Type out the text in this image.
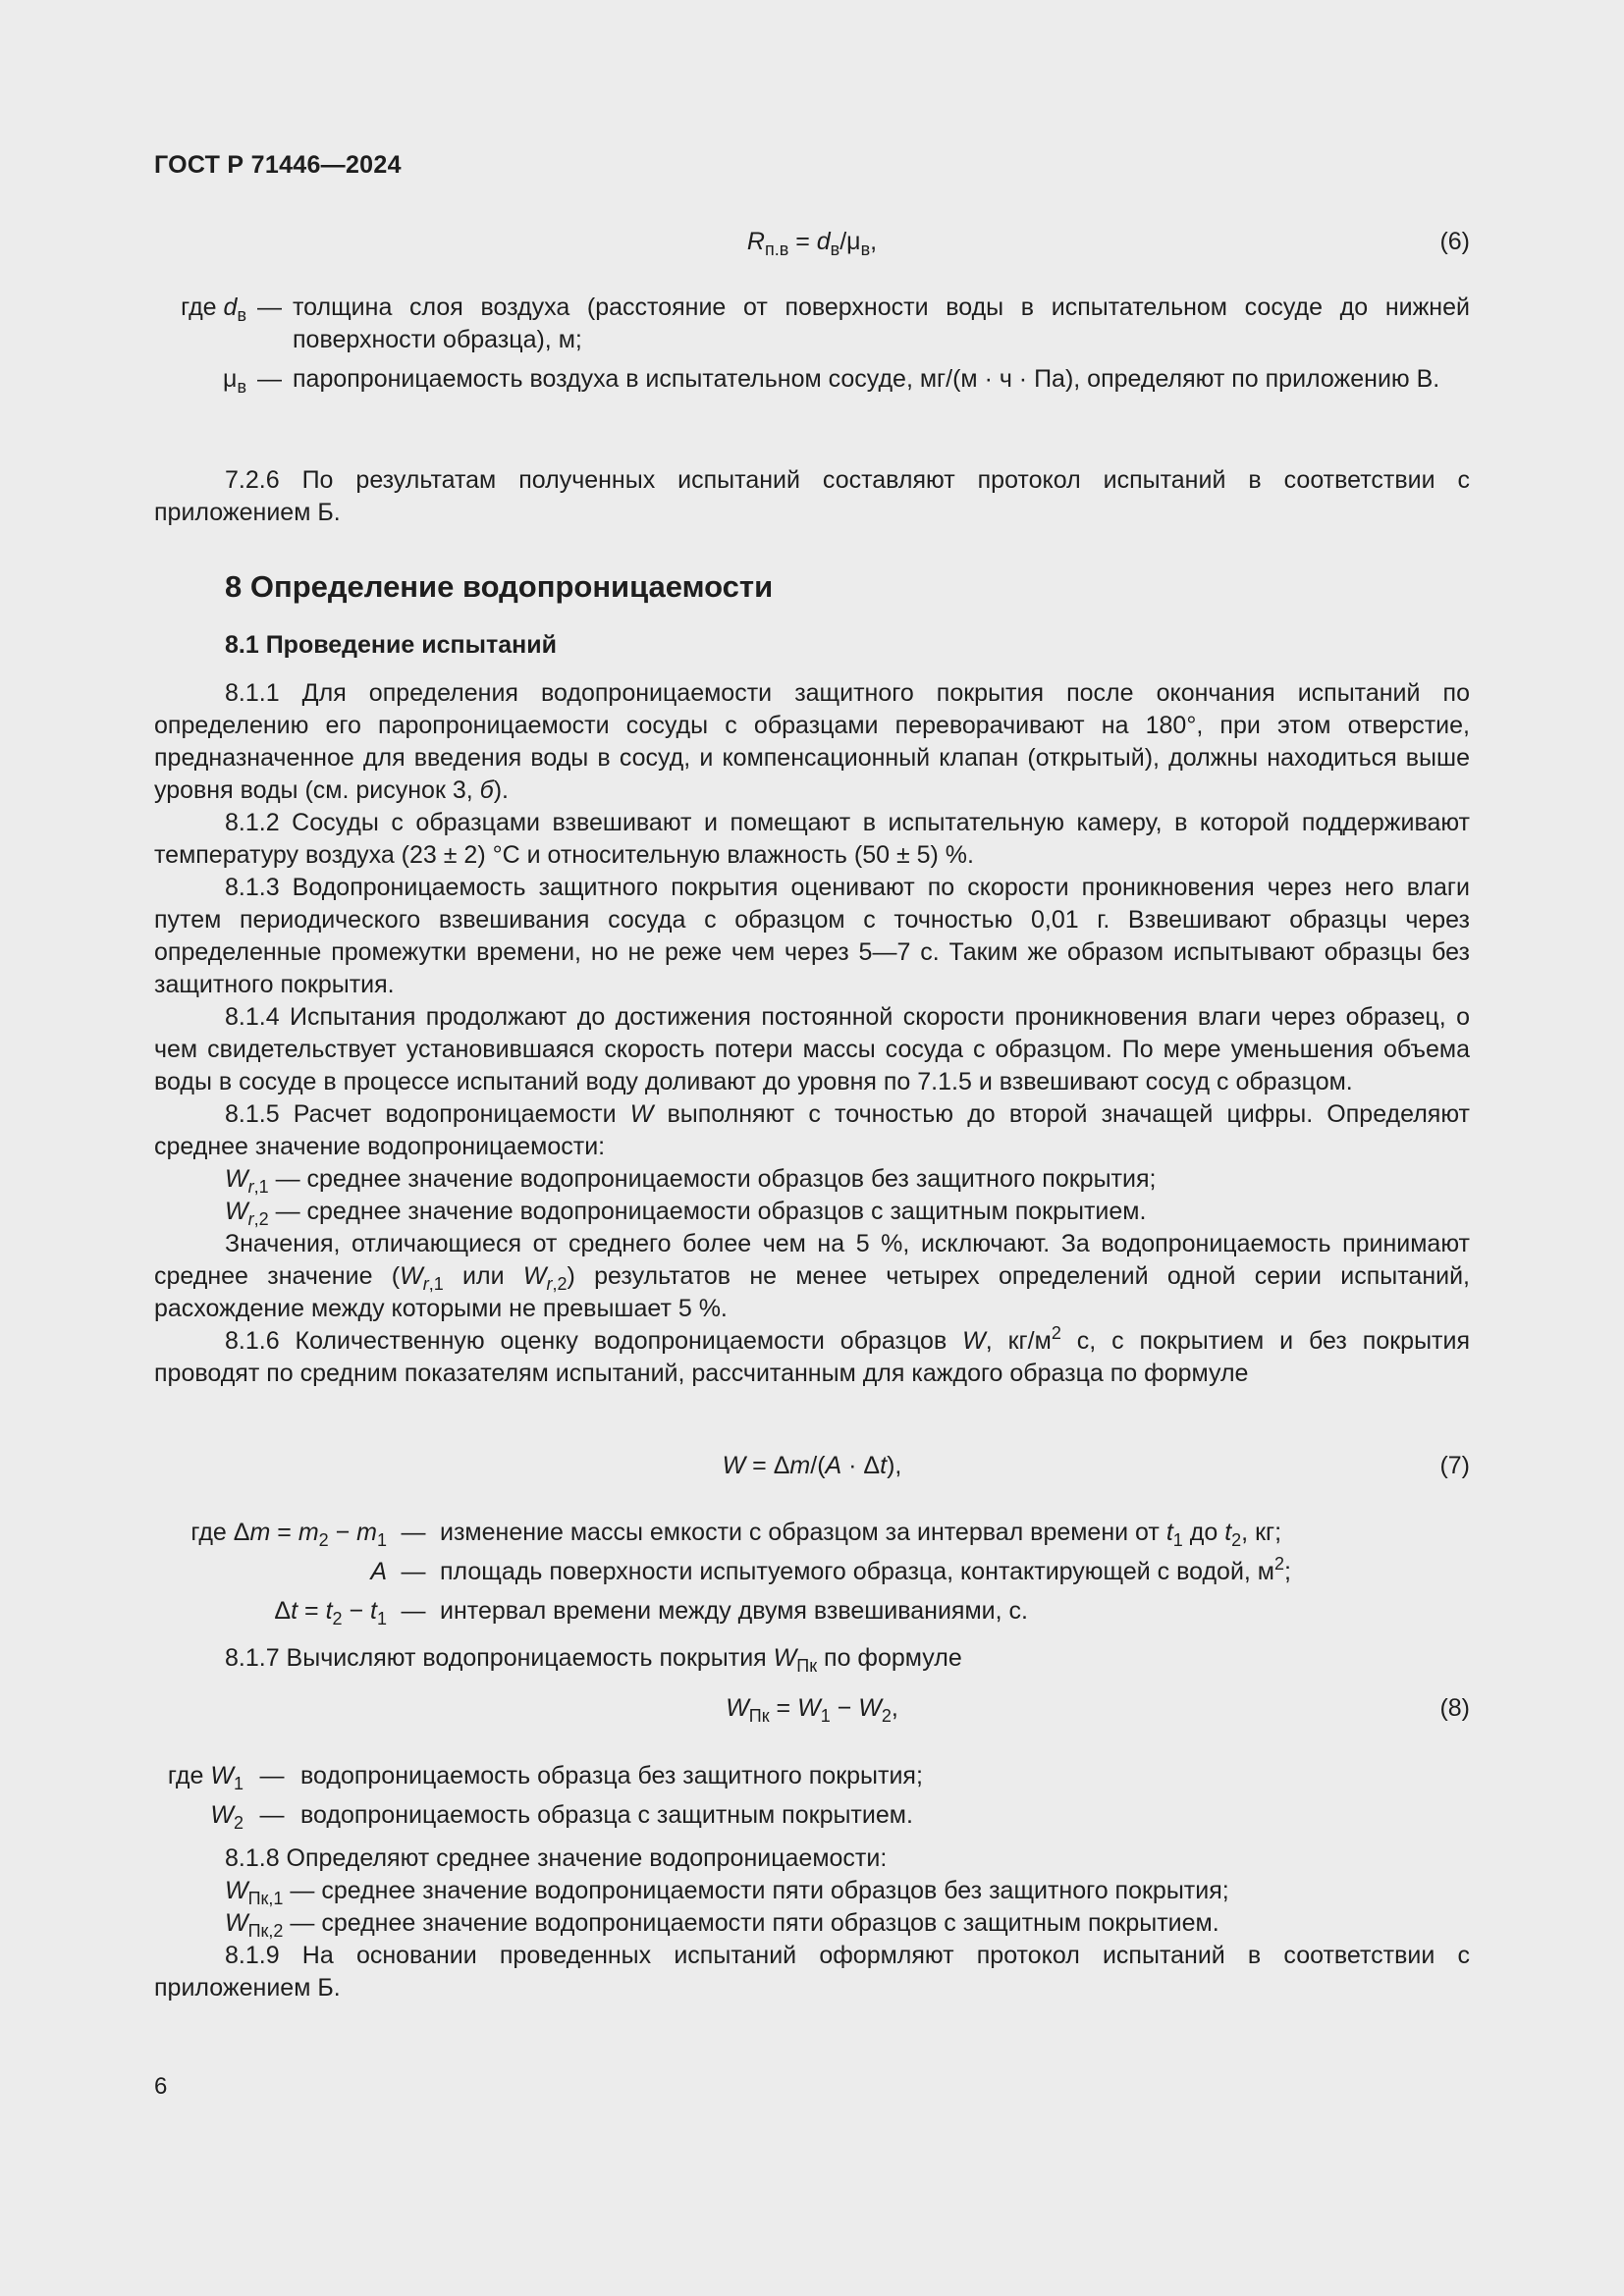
ГОСТ Р 71446—2024
$R_{п.в} = d_в/\mu_в$,	(6)
где $d_в$	—	толщина слоя воздуха (расстояние от поверхности воды в испытательном сосуде до нижней поверхности образца), м;
$\mu_в$	—	паропроницаемость воздуха в испытательном сосуде, мг/(м · ч · Па), определяют по приложению В.

7.2.6 По результатам полученных испытаний составляют протокол испытаний в соответствии с приложением Б.

8 Определение водопроницаемости
8.1 Проведение испытаний

8.1.1 Для определения водопроницаемости защитного покрытия после окончания испытаний по определению его паропроницаемости сосуды с образцами переворачивают на 180°, при этом отверстие, предназначенное для введения воды в сосуд, и компенсационный клапан (открытый), должны находиться выше уровня воды (см. рисунок 3, б).

8.1.2 Сосуды с образцами взвешивают и помещают в испытательную камеру, в которой поддерживают температуру воздуха (23 ± 2) °С и относительную влажность (50 ± 5) %.

8.1.3 Водопроницаемость защитного покрытия оценивают по скорости проникновения через него влаги путем периодического взвешивания сосуда с образцом с точностью 0,01 г. Взвешивают образцы через определенные промежутки времени, но не реже чем через 5—7 с. Таким же образом испытывают образцы без защитного покрытия.

8.1.4 Испытания продолжают до достижения постоянной скорости проникновения влаги через образец, о чем свидетельствует установившаяся скорость потери массы сосуда с образцом. По мере уменьшения объема воды в сосуде в процессе испытаний воду доливают до уровня по 7.1.5 и взвешивают сосуд с образцом.

8.1.5 Расчет водопроницаемости W выполняют с точностью до второй значащей цифры. Определяют среднее значение водопроницаемости:

$W_{r,1}$ — среднее значение водопроницаемости образцов без защитного покрытия;

$W_{r,2}$ — среднее значение водопроницаемости образцов с защитным покрытием.

Значения, отличающиеся от среднего более чем на 5 %, исключают. За водопроницаемость принимают среднее значение ($W_{r,1}$ или $W_{r,2}$) результатов не менее четырех определений одной серии испытаний, расхождение между которыми не превышает 5 %.

8.1.6 Количественную оценку водопроницаемости образцов W, $кг/м^2$ с, с покрытием и без покрытия проводят по средним показателям испытаний, рассчитанным для каждого образца по формуле

W = Δm/(A · Δt),	(7)
где $\Delta m = m_2 - m_1$	—	изменение массы емкости с образцом за интервал времени от $t_1$ до $t_2$, кг;
A	—	площадь поверхности испытуемого образца, контактирующей с водой, $м^2$;
$\Delta t = t_2 - t_1$	—	интервал времени между двумя взвешиваниями, с.

8.1.7 Вычисляют водопроницаемость покрытия $W_{Пк}$ по формуле

$W_{Пк} = W_1 - W_2$,	(8)
где $W_1$	—	водопроницаемость образца без защитного покрытия;
$W_2$	—	водопроницаемость образца с защитным покрытием.

8.1.8 Определяют среднее значение водопроницаемости:

$W_{Пк,1}$ — среднее значение водопроницаемости пяти образцов без защитного покрытия;

$W_{Пк,2}$ — среднее значение водопроницаемости пяти образцов с защитным покрытием.

8.1.9 На основании проведенных испытаний оформляют протокол испытаний в соответствии с приложением Б.

6
